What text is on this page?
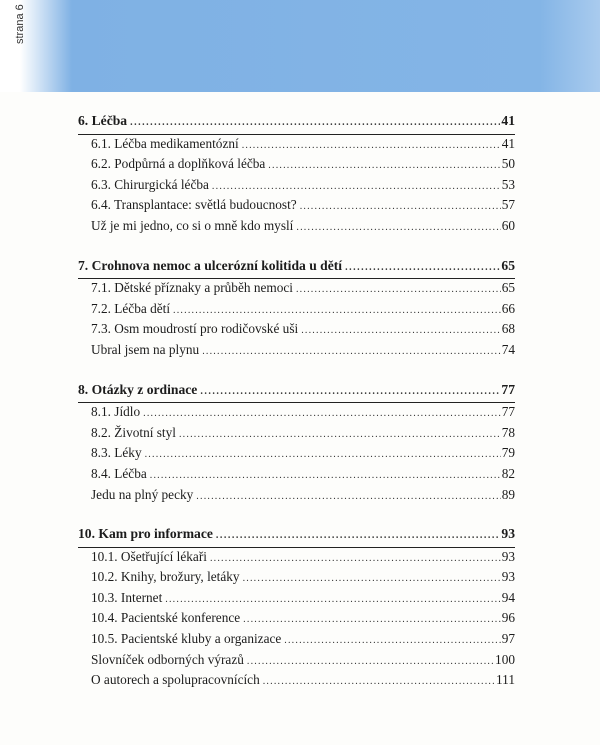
strana 6
6. Léčba .....	41
6.1. Léčba medikamentózní .....	41
6.2. Podpůrná a doplňková léčba .....	50
6.3. Chirurgická léčba .....	53
6.4. Transplantace: světlá budoucnost? .....	57
Už je mi jedno, co si o mně kdo myslí .....	60
7. Crohnova nemoc a ulcerózní kolitida u dětí .....	65
7.1. Dětské příznaky a průběh nemoci .....	65
7.2. Léčba dětí .....	66
7.3. Osm moudrostí pro rodičovské uši .....	68
Ubral jsem na plynu .....	74
8. Otázky z ordinace .....	77
8.1. Jídlo .....	77
8.2. Životní styl .....	78
8.3. Léky .....	79
8.4. Léčba .....	82
Jedu na plný pecky .....	89
10. Kam pro informace .....	93
10.1. Ošetřující lékaři .....	93
10.2. Knihy, brožury, letáky .....	93
10.3. Internet .....	94
10.4. Pacientské konference .....	96
10.5. Pacientské kluby a organizace .....	97
Slovníček odborných výrazů .....	100
O autorech a spolupracovnících .....	111
